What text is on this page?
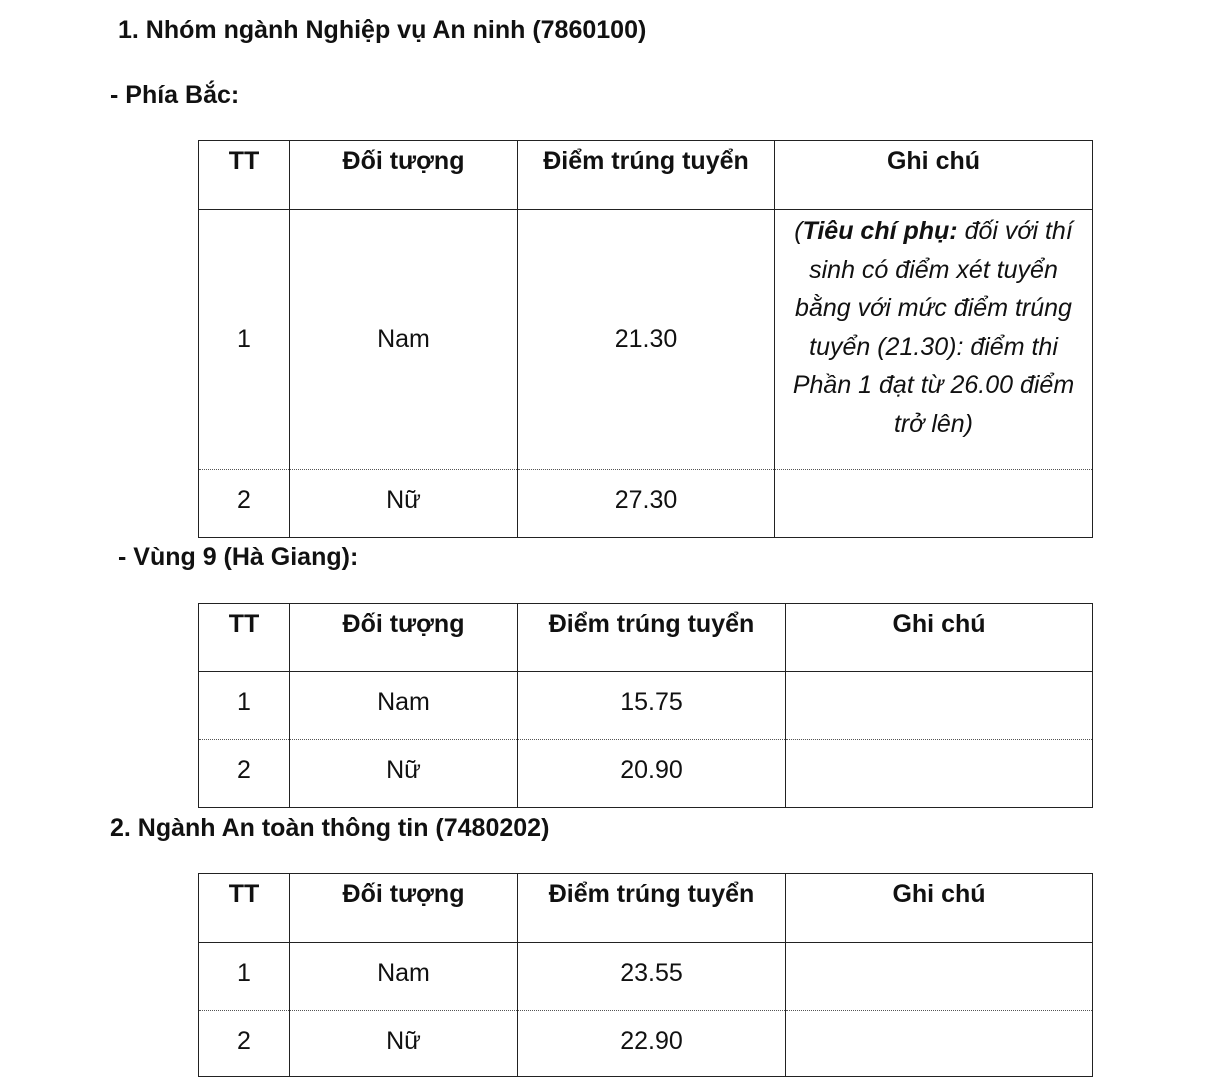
1. Nhóm ngành Nghiệp vụ An ninh (7860100)
- Phía Bắc:
TT	Đối tượng	Điểm trúng tuyển	Ghi chú
1	Nam	21.30	(Tiêu chí phụ: đối với thí sinh có điểm xét tuyển bằng với mức điểm trúng tuyển (21.30): điểm thi Phần 1 đạt từ 26.00 điểm trở lên)

2	Nữ	27.30	
- Vùng 9 (Hà Giang):
TT	Đối tượng	Điểm trúng tuyển	Ghi chú
1	Nam	15.75	
2	Nữ	20.90	
2. Ngành An toàn thông tin (7480202)
TT	Đối tượng	Điểm trúng tuyển	Ghi chú
1	Nam	23.55	
2	Nữ	22.90	
